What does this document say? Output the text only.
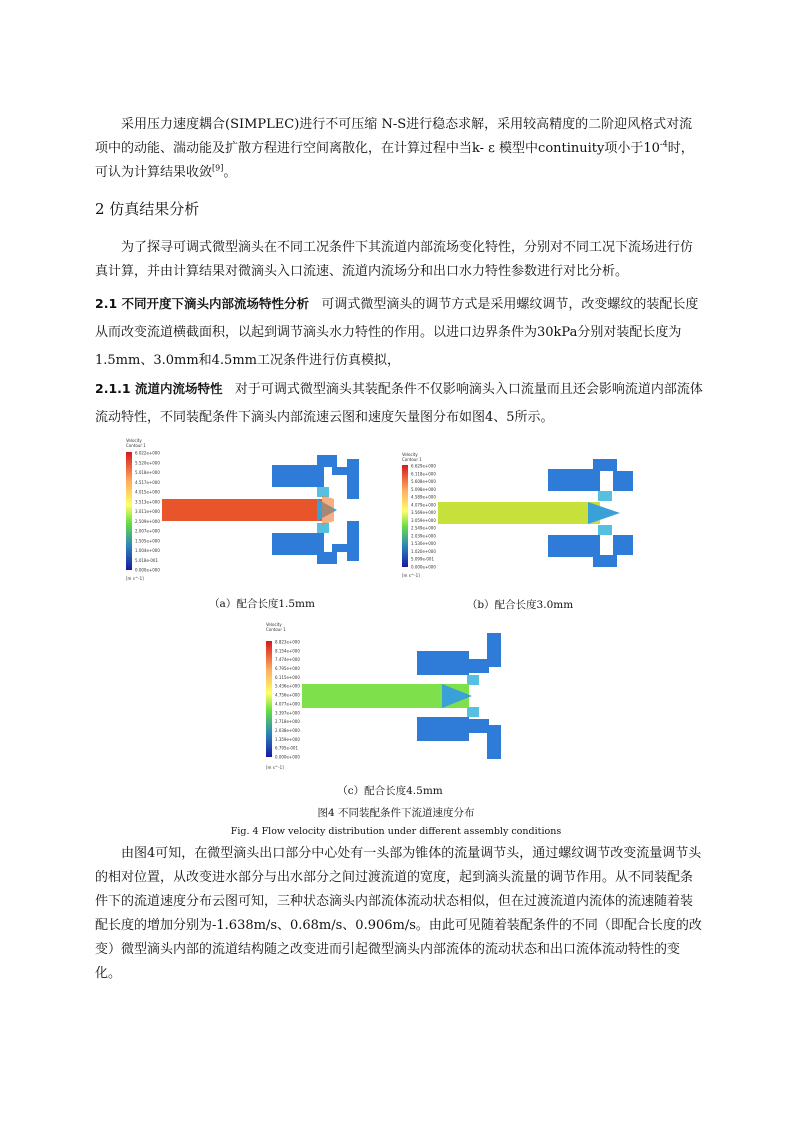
采用压力速度耦合(SIMPLEC)进行不可压缩 N-S进行稳态求解，采用较高精度的二阶迎风格式对流项中的动能、湍动能及扩散方程进行空间离散化，在计算过程中当k- ε 模型中continuity项小于$10^{-4}$时，可认为计算结果收敛[9]。

2 仿真结果分析

为了探寻可调式微型滴头在不同工况条件下其流道内部流场变化特性，分别对不同工况下流场进行仿真计算，并由计算结果对微滴头入口流速、流道内流场分和出口水力特性参数进行对比分析。

2.1 不同开度下滴头内部流场特性分析 可调式微型滴头的调节方式是采用螺纹调节，改变螺纹的装配长度从而改变流道横截面积，以起到调节滴头水力特性的作用。以进口边界条件为30kPa分别对装配长度为1.5mm、3.0mm和4.5mm工况条件进行仿真模拟，

2.1.1 流道内流场特性 对于可调式微型滴头其装配条件不仅影响滴头入口流量而且还会影响流道内部流体流动特性，不同装配条件下滴头内部流速云图和速度矢量图分布如图4、5所示。

Velocity
Contour 1
6.022e+000
5.520e+000
5.018e+000
4.517e+000
4.015e+000
3.513e+000
3.011e+000
2.509e+000
2.007e+000
1.505e+000
1.004e+000
5.018e-001
0.000e+000
[m s^-1]
（a）配合长度1.5mm
Velocity
Contour 1
6.629e+000
6.118e+000
5.608e+000
5.098e+000
4.589e+000
4.079e+000
3.569e+000
3.059e+000
2.549e+000
2.039e+000
1.530e+000
1.020e+000
5.099e-001
0.000e+000
[m s^-1]
（b）配合长度3.0mm
Velocity
Contour 1
8.823e+000
8.154e+000
7.474e+000
6.795e+000
6.115e+000
5.436e+000
4.756e+000
4.077e+000
3.397e+000
2.718e+000
2.038e+000
1.359e+000
6.795e-001
0.000e+000
[m s^-1]
（c）配合长度4.5mm
图4 不同装配条件下流道速度分布
Fig. 4 Flow velocity distribution under different assembly conditions

由图4可知，在微型滴头出口部分中心处有一头部为锥体的流量调节头，通过螺纹调节改变流量调节头的相对位置，从改变进水部分与出水部分之间过渡流道的宽度，起到滴头流量的调节作用。从不同装配条件下的流道速度分布云图可知，三种状态滴头内部流体流动状态相似，但在过渡流道内流体的流速随着装配长度的增加分别为-1.638m/s、0.68m/s、0.906m/s。由此可见随着装配条件的不同（即配合长度的改变）微型滴头内部的流道结构随之改变进而引起微型滴头内部流体的流动状态和出口流体流动特性的变化。
